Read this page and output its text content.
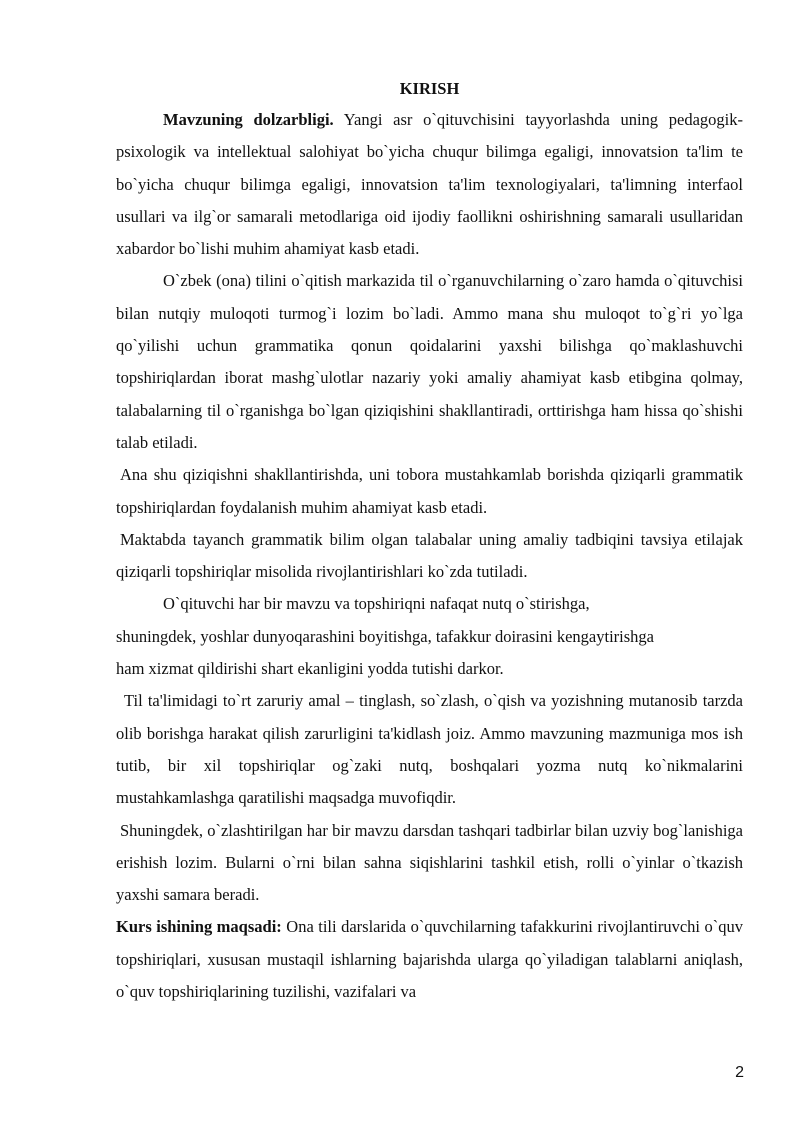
KIRISH

Mavzuning dolzarbligi. Yangi asr o`qituvchisini tayyorlashda uning pedagogik-psixologik va intellektual salohiyat bo`yicha chuqur bilimga egaligi, innovatsion ta'lim te bo`yicha chuqur bilimga egaligi, innovatsion ta'lim texnologiyalari, ta'limning interfaol usullari va ilg`or samarali metodlariga oid ijodiy faollikni oshirishning samarali usullaridan xabardor bo`lishi muhim ahamiyat kasb etadi.

O`zbek (ona) tilini o`qitish markazida til o`rganuvchilarning o`zaro hamda o`qituvchisi bilan nutqiy muloqoti turmog`i lozim bo`ladi. Ammo mana shu muloqot to`g`ri yo`lga qo`yilishi uchun grammatika qonun qoidalarini yaxshi bilishga qo`maklashuvchi topshiriqlardan iborat mashg`ulotlar nazariy yoki amaliy ahamiyat kasb etibgina qolmay, talabalarning til o`rganishga bo`lgan qiziqishini shakllantiradi, orttirishga ham hissa qo`shishi talab etiladi.

Ana shu qiziqishni shakllantirishda, uni tobora mustahkamlab borishda qiziqarli grammatik topshiriqlardan foydalanish muhim ahamiyat kasb etadi.

Maktabda tayanch grammatik bilim olgan talabalar uning amaliy tadbiqini tavsiya etilajak qiziqarli topshiriqlar misolida rivojlantirishlari ko`zda tutiladi.

O`qituvchi har bir mavzu va topshiriqni nafaqat nutq o`stirishga,

shuningdek, yoshlar dunyoqarashini boyitishga, tafakkur doirasini kengaytirishga

ham xizmat qildirishi shart ekanligini yodda tutishi darkor.

Til ta'limidagi to`rt zaruriy amal – tinglash, so`zlash, o`qish va yozishning mutanosib tarzda olib borishga harakat qilish zarurligini ta'kidlash joiz. Ammo mavzuning mazmuniga mos ish tutib, bir xil topshiriqlar og`zaki nutq, boshqalari yozma nutq ko`nikmalarini mustahkamlashga qaratilishi maqsadga muvofiqdir.

Shuningdek, o`zlashtirilgan har bir mavzu darsdan tashqari tadbirlar bilan uzviy bog`lanishiga erishish lozim. Bularni o`rni bilan sahna siqishlarini tashkil etish, rolli o`yinlar o`tkazish yaxshi samara beradi.

Kurs ishining maqsadi: Ona tili darslarida o`quvchilarning tafakkurini rivojlantiruvchi o`quv topshiriqlari, xususan mustaqil ishlarning bajarishda ularga qo`yiladigan talablarni aniqlash, o`quv topshiriqlarining tuzilishi, vazifalari va

2
